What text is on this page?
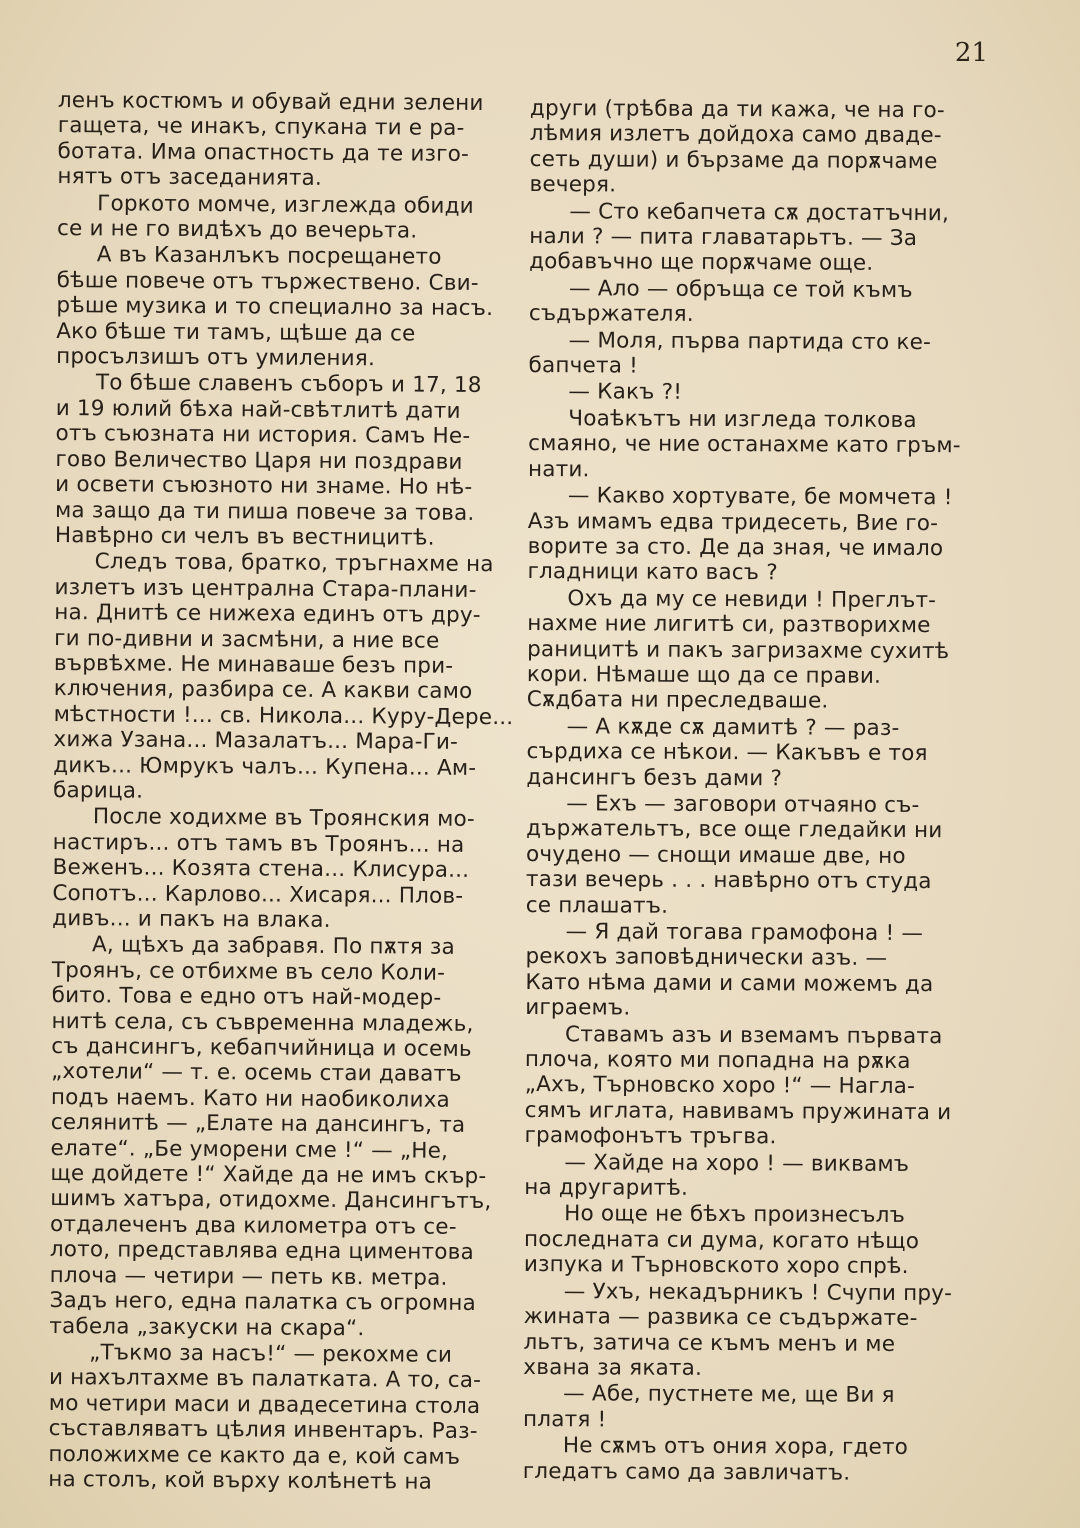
21
ленъ костюмъ и обувай едни зелени
гащета, че инакъ, спукана ти е ра-
ботата. Има опастность да те изго-
нятъ отъ заседанията.
Горкото момче, изглежда обиди
се и не го видѣхъ до вечерьта.
А въ Казанлъкъ посрещането
бѣше повече отъ тържествено. Сви-
рѣше музика и то специално за насъ.
Ако бѣше ти тамъ, щѣше да се
просълзишъ отъ умиления.
То бѣше славенъ съборъ и 17, 18
и 19 юлий бѣха най-свѣтлитѣ дати
отъ съюзната ни история. Самъ Не-
гово Величество Царя ни поздрави
и освети съюзното ни знаме. Но нѣ-
ма защо да ти пиша повече за това.
Навѣрно си челъ въ вестницитѣ.
Следъ това, братко, тръгнахме на
излетъ изъ централна Стара-плани-
на. Днитѣ се нижеха единъ отъ дру-
ги по-дивни и засмѣни, а ние все
вървѣхме. Не минаваше безъ при-
ключения, разбира се. А какви само
мѣстности !... св. Никола... Куру-Дере...
хижа Узана... Мазалатъ... Мара-Ги-
дикъ... Юмрукъ чалъ... Купена... Ам-
барица.
После ходихме въ Троянския мо-
настиръ... отъ тамъ въ Троянъ... на
Веженъ... Козята стена... Клисура...
Сопотъ... Карлово... Хисаря... Плов-
дивъ... и пакъ на влака.
А, щѣхъ да забравя. По пѫтя за
Троянъ, се отбихме въ село Коли-
бито. Това е едно отъ най-модер-
нитѣ села, съ съвременна младежь,
съ дансингъ, кебапчийница и осемь
„хотели“ — т. е. осемь стаи даватъ
подъ наемъ. Като ни наобиколиха
селянитѣ — „Елате на дансингъ, та
елате“. „Бе уморени сме !“ — „Не,
ще дойдете !“ Хайде да не имъ скър-
шимъ хатъра, отидохме. Дансингътъ,
отдалеченъ два километра отъ се-
лото, представлява една циментова
плоча — четири — петь кв. метра.
Задъ него, една палатка съ огромна
табела „закуски на скара“.
„Тъкмо за насъ!“ — рекохме си
и нахълтахме въ палатката. А то, са-
мо четири маси и двадесетина стола
съставляватъ цѣлия инвентаръ. Раз-
положихме се както да е, кой самъ
на столъ, кой върху колѣнетѣ на
други (трѣбва да ти кажа, че на го-
лѣмия излетъ дойдоха само дваде-
сеть души) и бързаме да порѫчаме
вечеря.
— Сто кебапчета сѫ достатъчни,
нали ? — пита главатарьтъ. — За
добавъчно ще порѫчаме още.
— Ало — обръща се той къмъ
съдържателя.
— Моля, първа партида сто ке-
бапчета !
— Какъ ?!
Чоаѣкътъ ни изгледа толкова
смаяно, че ние останахме като гръм-
нати.
— Какво хортувате, бе момчета !
Азъ имамъ едва тридесеть, Вие го-
ворите за сто. Де да зная, че имало
гладници като васъ ?
Охъ да му се невиди ! Преглът-
нахме ние лигитѣ си, разтворихме
раницитѣ и пакъ загризахме сухитѣ
кори. Нѣмаше що да се прави.
Сѫдбата ни преследваше.
— А кѫде сѫ дамитѣ ? — раз-
сърдиха се нѣкои. — Какъвъ е тоя
дансингъ безъ дами ?
— Ехъ — заговори отчаяно съ-
държательтъ, все още гледайки ни
очудено — снощи имаше две, но
тази вечерь . . . навѣрно отъ студа
се плашатъ.
— Я дай тогава грамофона ! —
рекохъ заповѣднически азъ. —
Като нѣма дами и сами можемъ да
играемъ.
Ставамъ азъ и вземамъ първата
плоча, която ми попадна на рѫка
„Ахъ, Търновско хоро !“ — Нагла-
сямъ иглата, навивамъ пружината и
грамофонътъ тръгва.
— Хайде на хоро ! — виквамъ
на другаритѣ.
Но още не бѣхъ произнесълъ
последната си дума, когато нѣщо
изпука и Търновското хоро спрѣ.
— Ухъ, некадърникъ ! Счупи пру-
жината — развика се съдържате-
льтъ, затича се къмъ менъ и ме
хвана за яката.
— Абе, пустнете ме, ще Ви я
платя !
Не сѫмъ отъ ония хора, гдето
гледатъ само да завличатъ.
